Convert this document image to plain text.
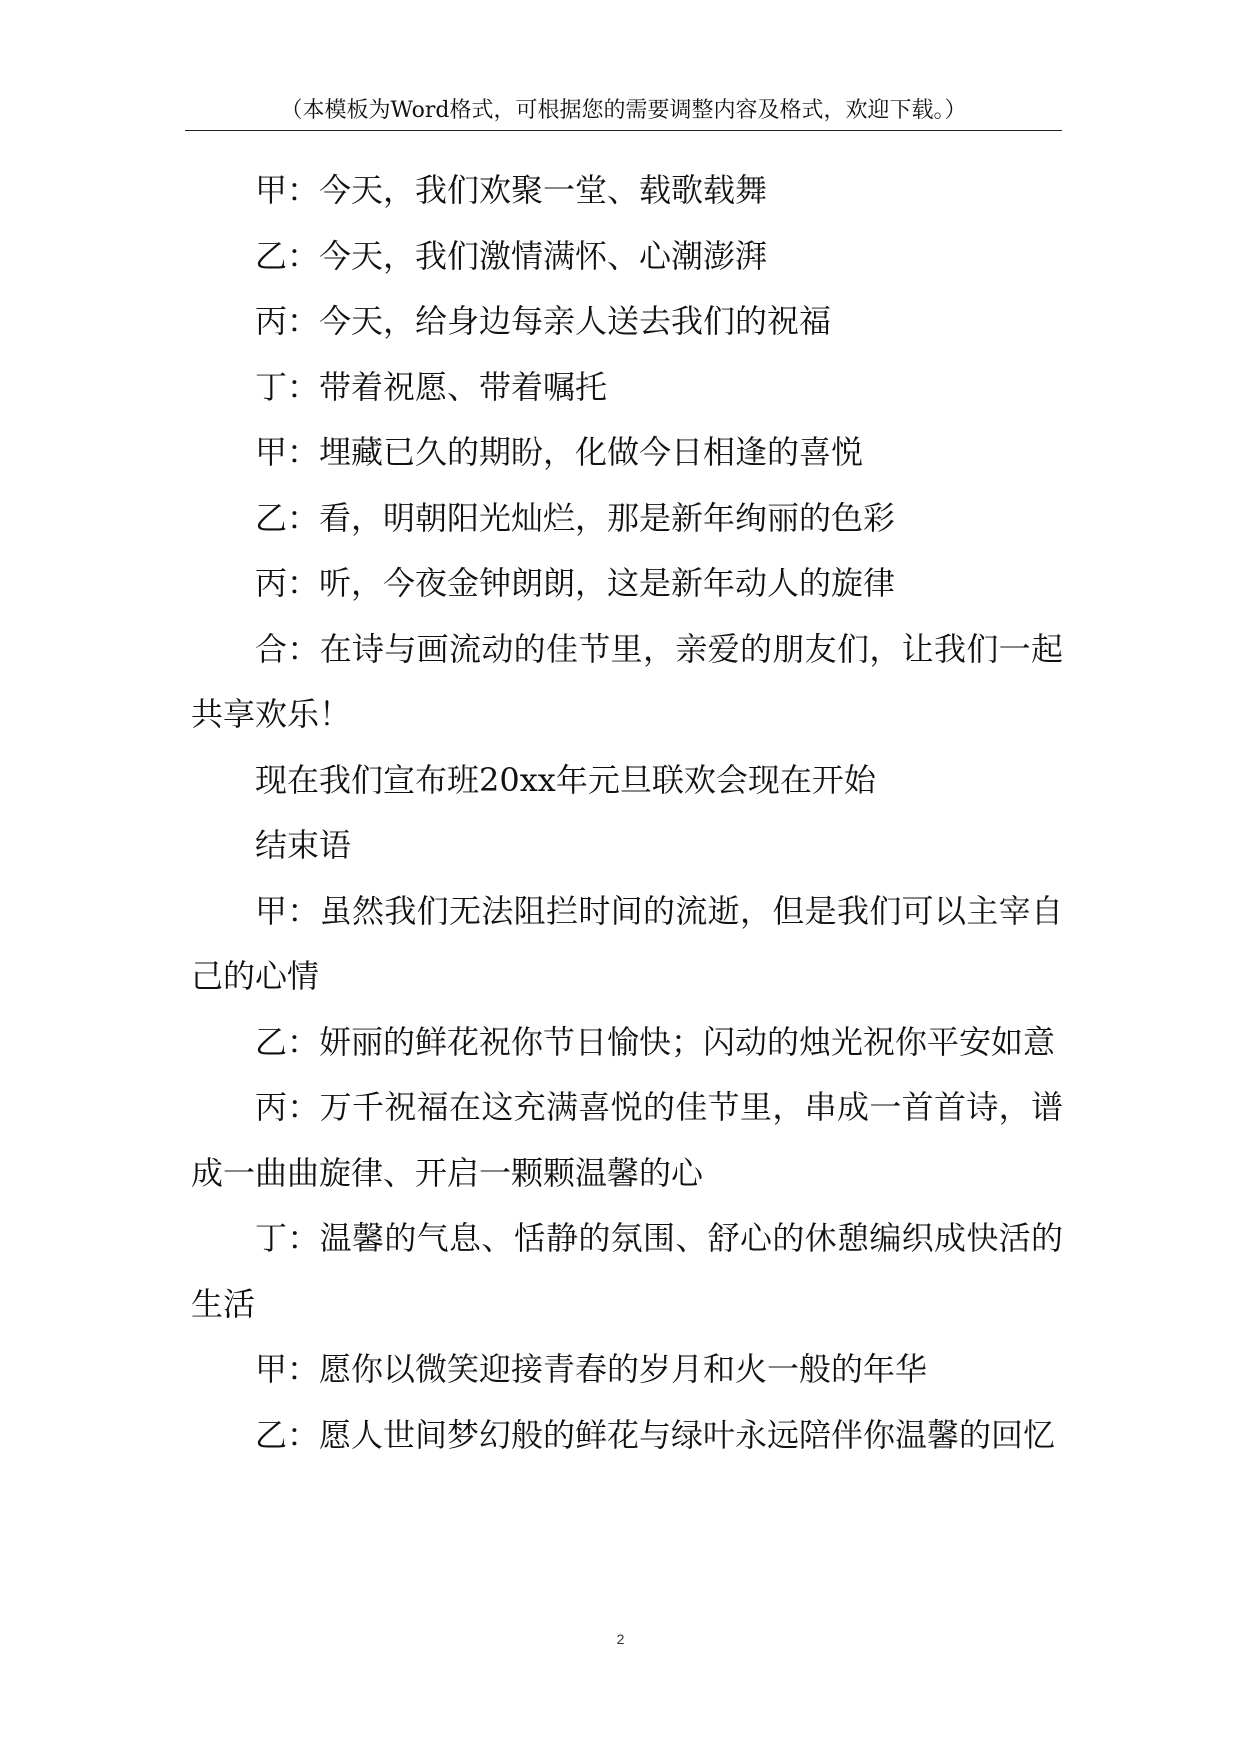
（本模板为Word格式，可根据您的需要调整内容及格式，欢迎下载。）

甲：今天，我们欢聚一堂、载歌载舞

乙：今天，我们激情满怀、心潮澎湃

丙：今天，给身边每亲人送去我们的祝福

丁：带着祝愿、带着嘱托

甲：埋藏已久的期盼，化做今日相逢的喜悦

乙：看，明朝阳光灿烂，那是新年绚丽的色彩

丙：听，今夜金钟朗朗，这是新年动人的旋律

合：在诗与画流动的佳节里，亲爱的朋友们，让我们一起共享欢乐！

现在我们宣布班20xx年元旦联欢会现在开始

结束语

甲：虽然我们无法阻拦时间的流逝，但是我们可以主宰自己的心情

乙：妍丽的鲜花祝你节日愉快；闪动的烛光祝你平安如意

丙：万千祝福在这充满喜悦的佳节里，串成一首首诗，谱成一曲曲旋律、开启一颗颗温馨的心

丁：温馨的气息、恬静的氛围、舒心的休憩编织成快活的生活

甲：愿你以微笑迎接青春的岁月和火一般的年华

乙：愿人世间梦幻般的鲜花与绿叶永远陪伴你温馨的回忆

2
